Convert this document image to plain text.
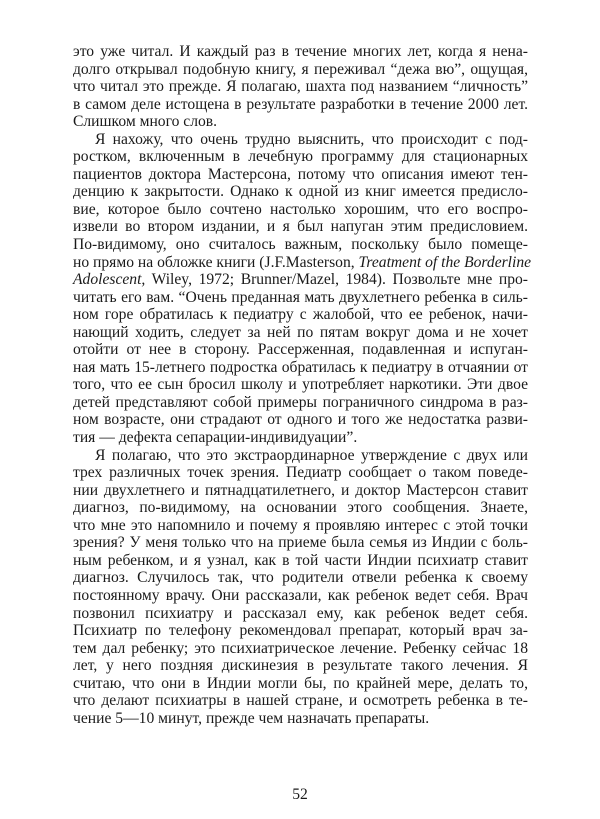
это уже читал. И каждый раз в течение многих лет, когда я нена-
долго открывал подобную книгу, я переживал “дежа вю”, ощущая,
что читал это прежде. Я полагаю, шахта под названием “личность”
в самом деле истощена в результате разработки в течение 2000 лет.
Слишком много слов.
Я нахожу, что очень трудно выяснить, что происходит с под-
ростком, включенным в лечебную программу для стационарных
пациентов доктора Мастерсона, потому что описания имеют тен-
денцию к закрытости. Однако к одной из книг имеется предисло-
вие, которое было сочтено настолько хорошим, что его воспро-
извели во втором издании, и я был напуган этим предисловием.
По-видимому, оно считалось важным, поскольку было помеще-
но прямо на обложке книги (J.F.Masterson, Treatment of the Borderline
Adolescent, Wiley, 1972; Brunner/Mazel, 1984). Позвольте мне про-
читать его вам. “Очень преданная мать двухлетнего ребенка в силь-
ном горе обратилась к педиатру с жалобой, что ее ребенок, начи-
нающий ходить, следует за ней по пятам вокруг дома и не хочет
отойти от нее в сторону. Рассерженная, подавленная и испуган-
ная мать 15-летнего подростка обратилась к педиатру в отчаянии от
того, что ее сын бросил школу и употребляет наркотики. Эти двое
детей представляют собой примеры пограничного синдрома в раз-
ном возрасте, они страдают от одного и того же недостатка разви-
тия — дефекта сепарации-индивидуации”.
Я полагаю, что это экстраординарное утверждение с двух или
трех различных точек зрения. Педиатр сообщает о таком поведе-
нии двухлетнего и пятнадцатилетнего, и доктор Мастерсон ставит
диагноз, по-видимому, на основании этого сообщения. Знаете,
что мне это напомнило и почему я проявляю интерес с этой точки
зрения? У меня только что на приеме была семья из Индии с боль-
ным ребенком, и я узнал, как в той части Индии психиатр ставит
диагноз. Случилось так, что родители отвели ребенка к своему
постоянному врачу. Они рассказали, как ребенок ведет себя. Врач
позвонил психиатру и рассказал ему, как ребенок ведет себя.
Психиатр по телефону рекомендовал препарат, который врач за-
тем дал ребенку; это психиатрическое лечение. Ребенку сейчас 18
лет, у него поздняя дискинезия в результате такого лечения. Я
считаю, что они в Индии могли бы, по крайней мере, делать то,
что делают психиатры в нашей стране, и осмотреть ребенка в те-
чение 5—10 минут, прежде чем назначать препараты.
52
